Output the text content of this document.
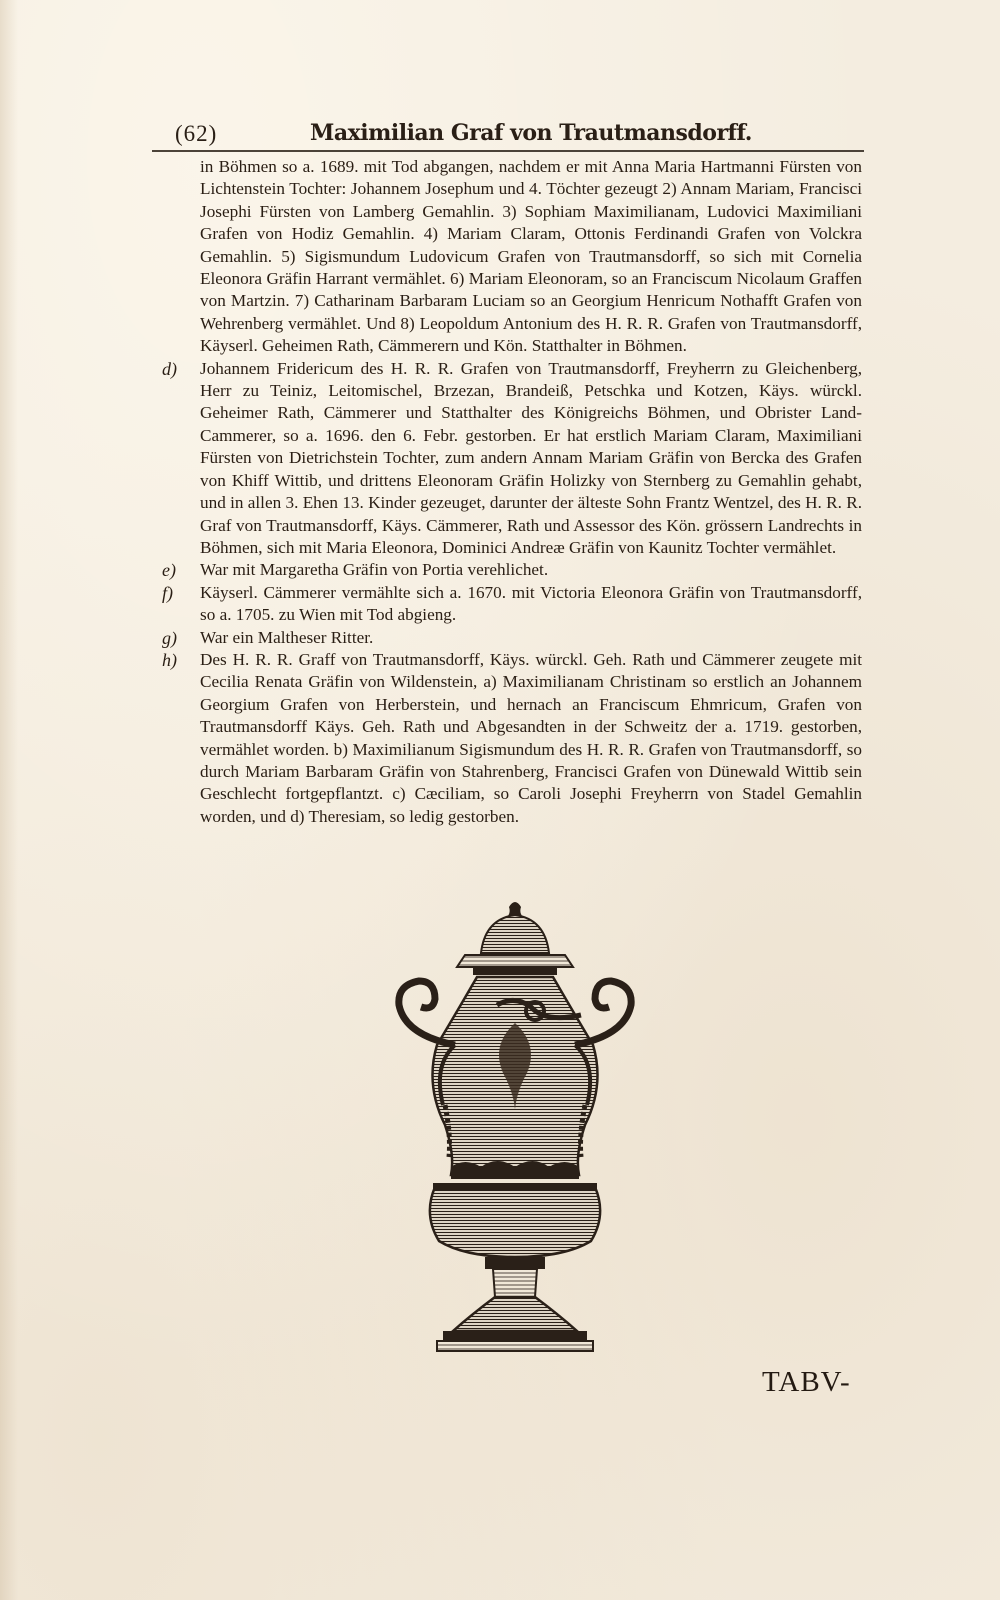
(62)	Maximilian Graf von Trautmansdorff.

in Böhmen so a. 1689. mit Tod abgangen, nachdem er mit Anna Maria Hartmanni Fürsten von Lichtenstein Tochter: Johannem Josephum und 4. Töchter gezeugt 2) Annam Mariam, Francisci Josephi Fürsten von Lamberg Gemahlin. 3) Sophiam Maximilianam, Ludovici Maximiliani Grafen von Hodiz Gemahlin. 4) Mariam Claram, Ottonis Ferdinandi Grafen von Volckra Gemahlin. 5) Sigismundum Ludovicum Grafen von Trautmansdorff, so sich mit Cornelia Eleonora Gräfin Harrant vermählet. 6) Mariam Eleonoram, so an Franciscum Nicolaum Graffen von Martzin. 7) Catharinam Barbaram Luciam so an Georgium Henricum Nothafft Grafen von Wehrenberg vermählet. Und 8) Leopoldum Antonium des H. R. R. Grafen von Trautmansdorff, Käyserl. Geheimen Rath, Cämmerern und Kön. Statthalter in Böhmen.

d) Johannem Fridericum des H. R. R. Grafen von Trautmansdorff, Freyherrn zu Gleichenberg, Herr zu Teiniz, Leitomischel, Brzezan, Brandeiß, Petschka und Kotzen, Käys. würckl. Geheimer Rath, Cämmerer und Statthalter des Königreichs Böhmen, und Obrister Land-Cammerer, so a. 1696. den 6. Febr. gestorben. Er hat erstlich Mariam Claram, Maximiliani Fürsten von Dietrichstein Tochter, zum andern Annam Mariam Gräfin von Bercka des Grafen von Khiff Wittib, und drittens Eleonoram Gräfin Holizky von Sternberg zu Gemahlin gehabt, und in allen 3. Ehen 13. Kinder gezeuget, darunter der älteste Sohn Frantz Wentzel, des H. R. R. Graf von Trautmansdorff, Käys. Cämmerer, Rath und Assessor des Kön. grössern Landrechts in Böhmen, sich mit Maria Eleonora, Dominici Andreæ Gräfin von Kaunitz Tochter vermählet.

e) War mit Margaretha Gräfin von Portia verehlichet.

f) Käyserl. Cämmerer vermählte sich a. 1670. mit Victoria Eleonora Gräfin von Trautmansdorff, so a. 1705. zu Wien mit Tod abgieng.

g) War ein Maltheser Ritter.

h) Des H. R. R. Graff von Trautmansdorff, Käys. würckl. Geh. Rath und Cämmerer zeugete mit Cecilia Renata Gräfin von Wildenstein, a) Maximilianam Christinam so erstlich an Johannem Georgium Grafen von Herberstein, und hernach an Franciscum Ehmricum, Grafen von Trautmansdorff Käys. Geh. Rath und Abgesandten in der Schweitz der a. 1719. gestorben, vermählet worden. b) Maximilianum Sigismundum des H. R. R. Grafen von Trautmansdorff, so durch Mariam Barbaram Gräfin von Stahrenberg, Francisci Grafen von Dünewald Wittib sein Geschlecht fortgepflantzt. c) Cæciliam, so Caroli Josephi Freyherrn von Stadel Gemahlin worden, und d) Theresiam, so ledig gestorben.

TABV-
